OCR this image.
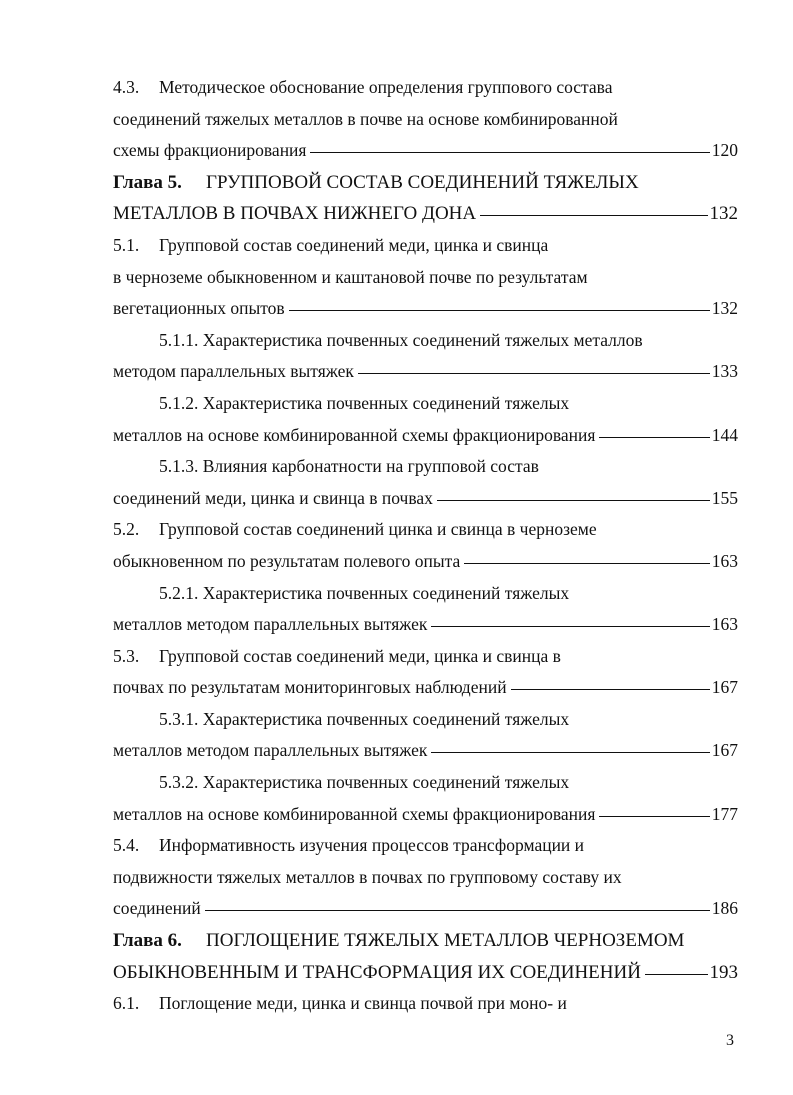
4.3.	Методическое обоснование определения группового состава
соединений тяжелых металлов в почве на основе комбинированной
схемы фракционирования	120
Глава 5.	ГРУППОВОЙ СОСТАВ СОЕДИНЕНИЙ ТЯЖЕЛЫХ
МЕТАЛЛОВ В ПОЧВАХ НИЖНЕГО ДОНА	132
5.1.	Групповой состав соединений меди, цинка и свинца
в черноземе обыкновенном и каштановой почве по результатам
вегетационных опытов	132
5.1.1. Характеристика почвенных соединений тяжелых металлов
методом параллельных вытяжек	133
5.1.2. Характеристика почвенных соединений тяжелых
металлов на основе комбинированной схемы фракционирования	144
5.1.3. Влияния карбонатности на групповой состав
соединений меди, цинка и свинца в почвах	155
5.2.	Групповой состав соединений цинка и свинца в черноземе
обыкновенном по результатам полевого опыта	163
5.2.1. Характеристика почвенных соединений тяжелых
металлов методом параллельных вытяжек	163
5.3.	Групповой состав соединений меди, цинка и свинца в
почвах по результатам мониторинговых наблюдений	167
5.3.1. Характеристика почвенных соединений тяжелых
металлов методом параллельных вытяжек	167
5.3.2. Характеристика почвенных соединений тяжелых
металлов на основе комбинированной схемы фракционирования	177
5.4.	Информативность изучения процессов трансформации и
подвижности тяжелых металлов в почвах по групповому составу их
соединений	186
Глава 6.	ПОГЛОЩЕНИЕ ТЯЖЕЛЫХ МЕТАЛЛОВ ЧЕРНОЗЕМОМ
ОБЫКНОВЕННЫМ И ТРАНСФОРМАЦИЯ ИХ СОЕДИНЕНИЙ	193
6.1.	Поглощение меди, цинка и свинца почвой при моно- и
3
